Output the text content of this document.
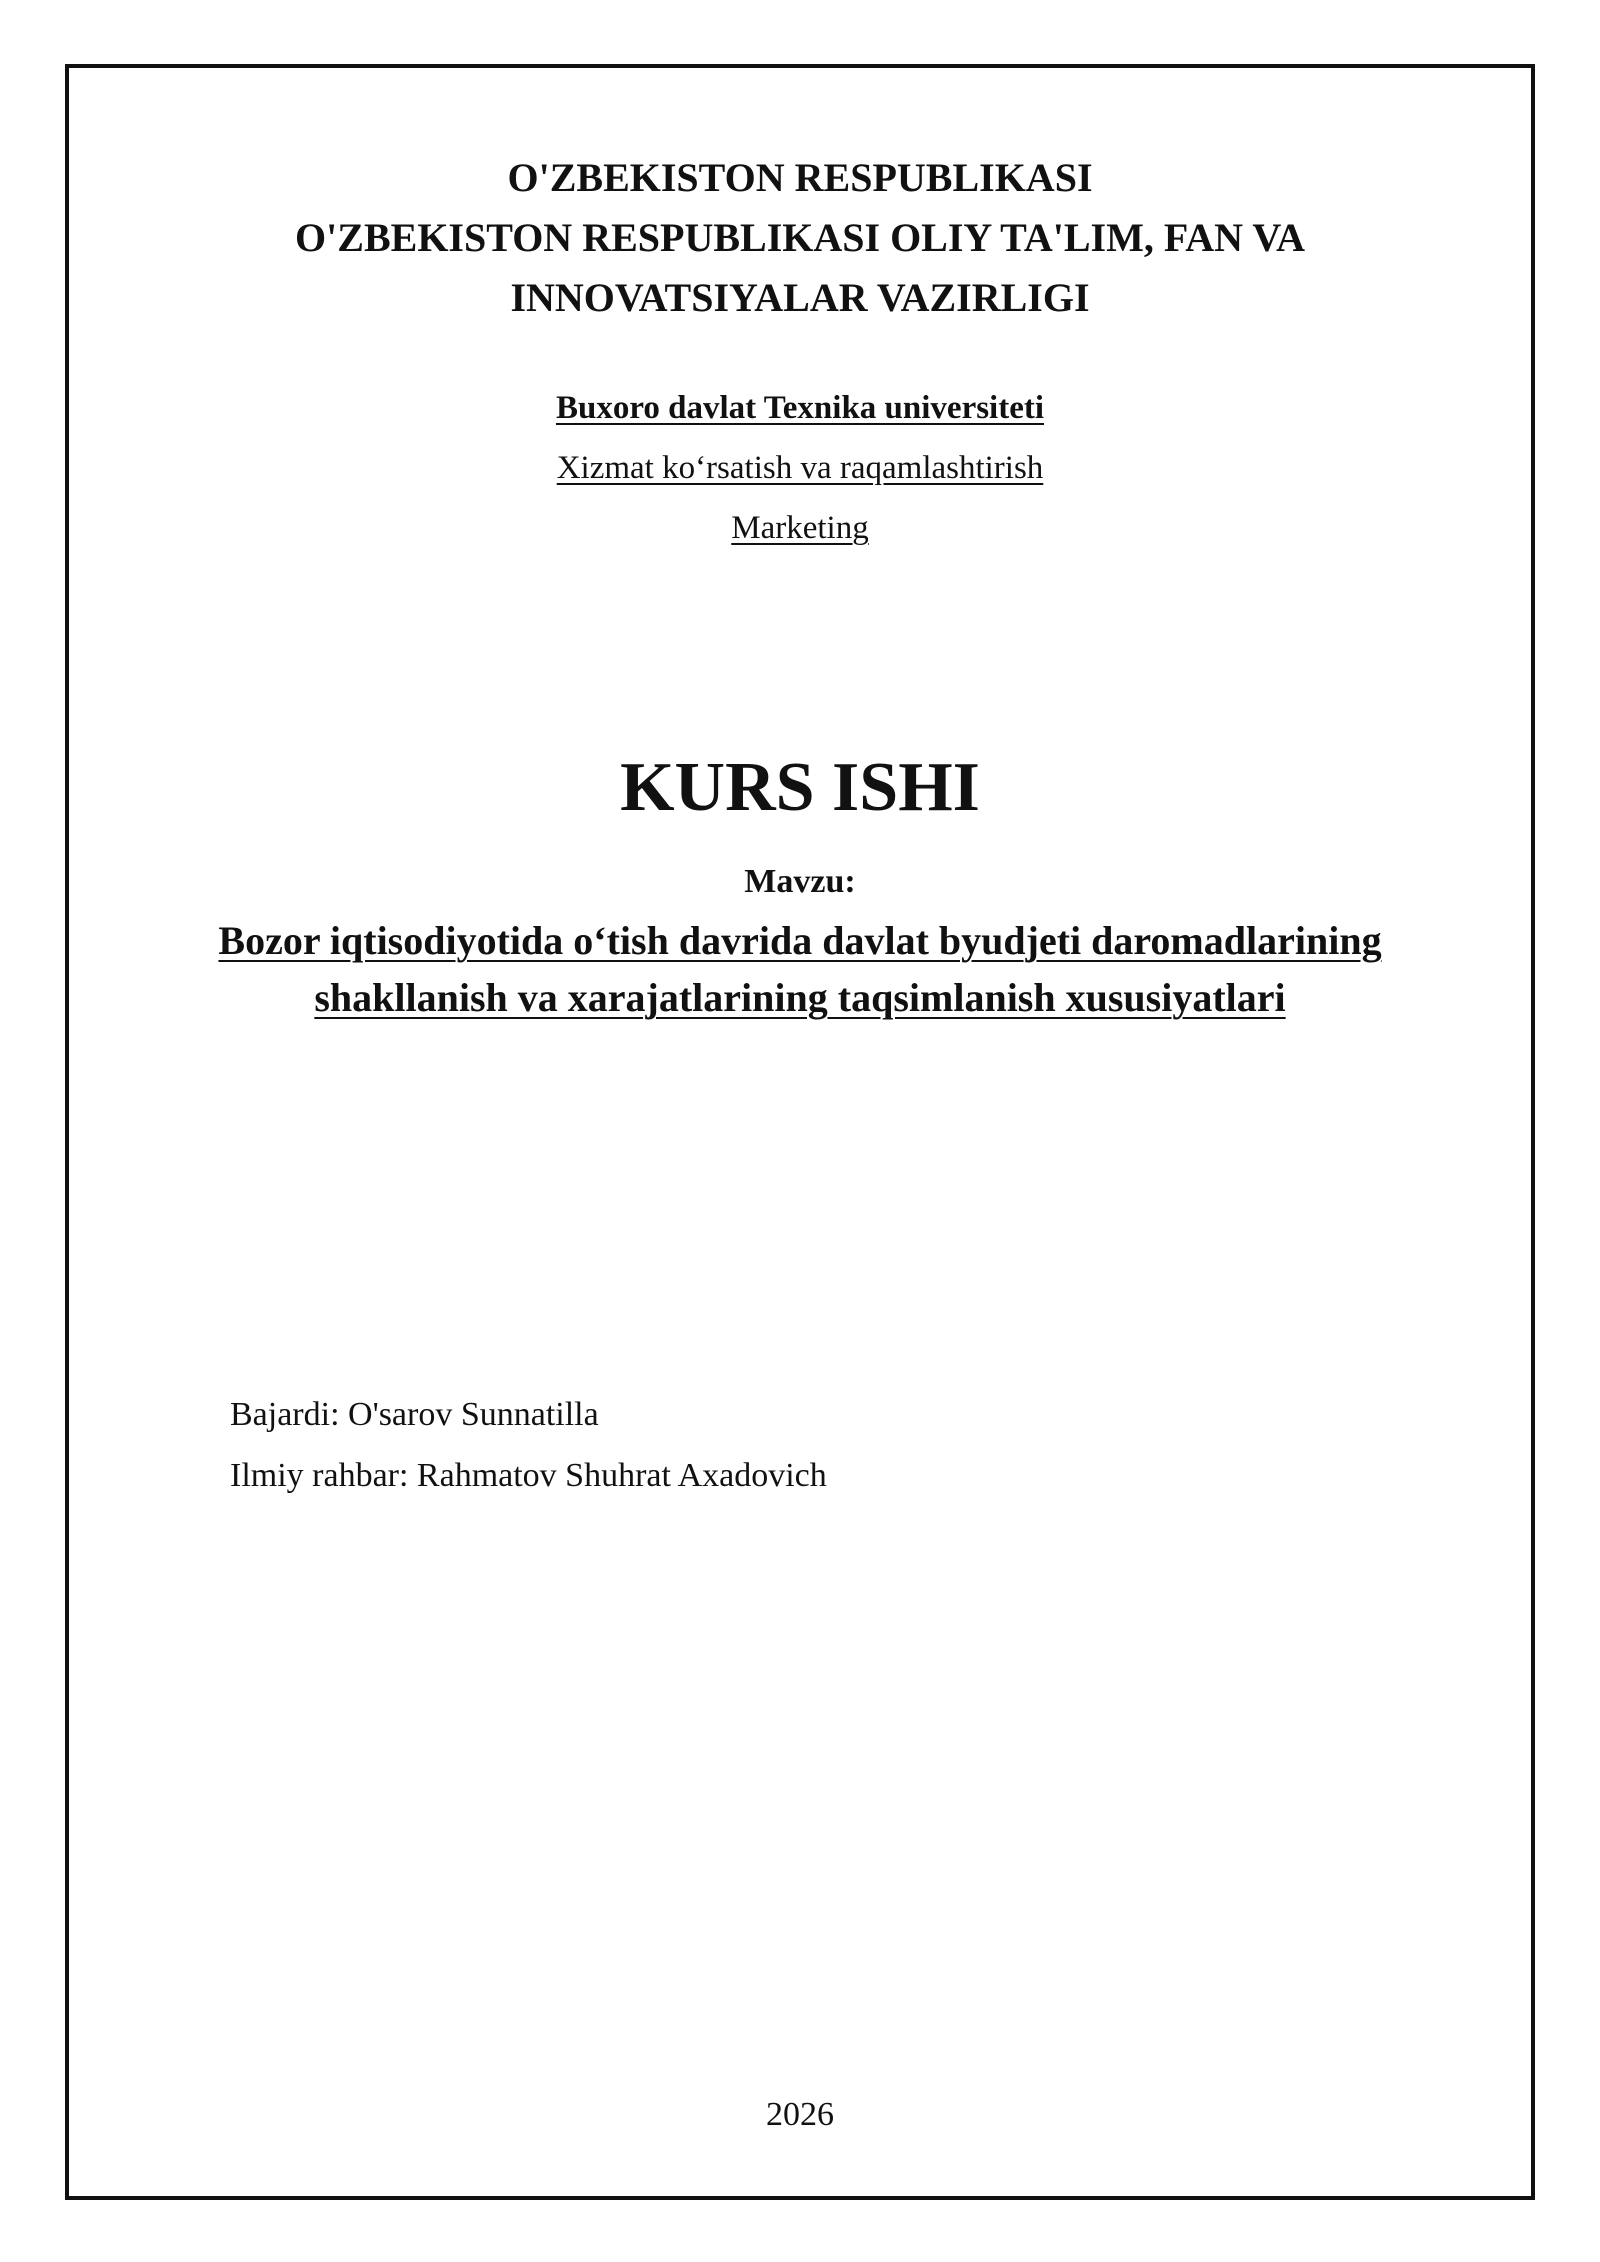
O'ZBEKISTON RESPUBLIKASI
O'ZBEKISTON RESPUBLIKASI OLIY TA'LIM, FAN VA
INNOVATSIYALAR VAZIRLIGI
Buxoro davlat Texnika universiteti
Xizmat ko‘rsatish va raqamlashtirish
Marketing
KURS ISHI
Mavzu:
Bozor iqtisodiyotida o‘tish davrida davlat byudjeti daromadlarining
shakllanish va xarajatlarining taqsimlanish xususiyatlari
Bajardi: O'sarov Sunnatilla
Ilmiy rahbar: Rahmatov Shuhrat Axadovich
2026
